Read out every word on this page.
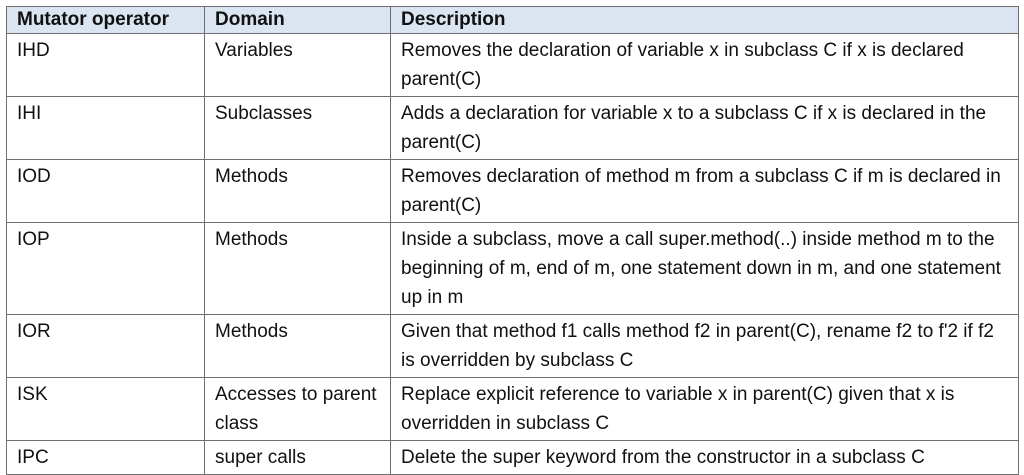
Mutator operator	Domain	Description
IHD	Variables	Removes the declaration of variable x in subclass C if x is declared parent(C)
IHI	Subclasses	Adds a declaration for variable x to a subclass C if x is declared in the parent(C)
IOD	Methods	Removes declaration of method m from a subclass C if m is declared in parent(C)
IOP	Methods	Inside a subclass, move a call super.method(..) inside method m to the beginning of m, end of m, one statement down in m, and one statement up in m
IOR	Methods	Given that method f1 calls method f2 in parent(C), rename f2 to f'2 if f2 is overridden by subclass C
ISK	Accesses to parent class	Replace explicit reference to variable x in parent(C) given that x is overridden in subclass C
IPC	super calls	Delete the super keyword from the constructor in a subclass C
